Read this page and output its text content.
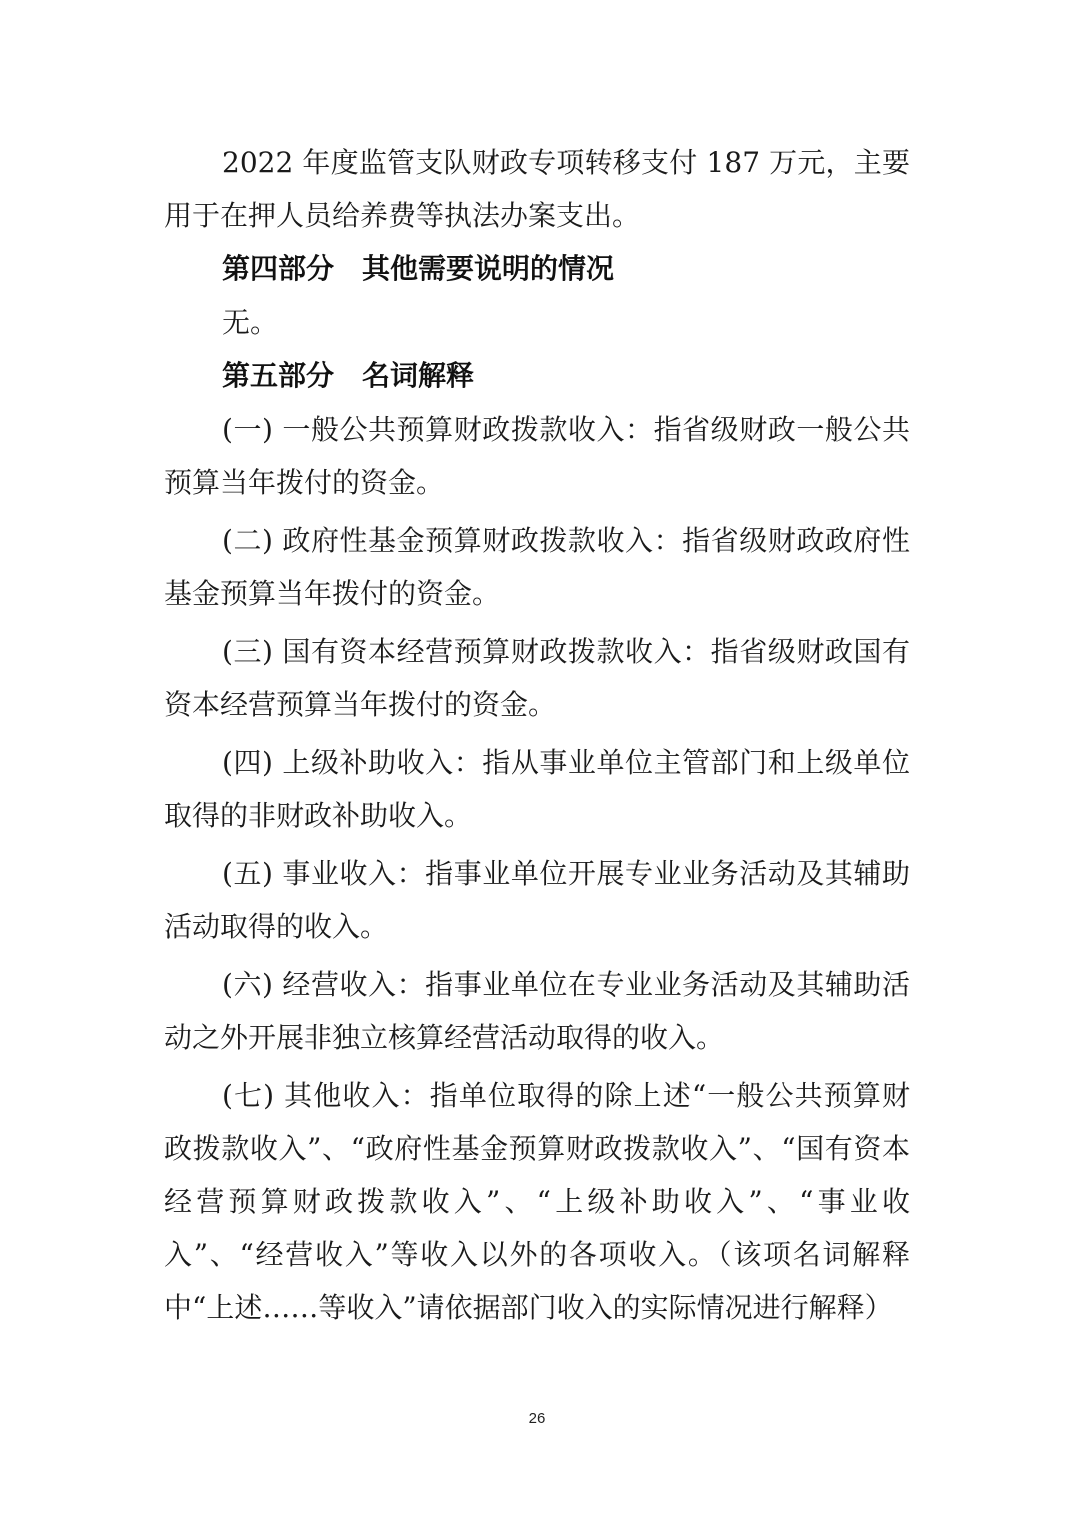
2022 年度监管支队财政专项转移支付 187 万元，主要用于在押人员给养费等执法办案支出。

第四部分　其他需要说明的情况

无。

第五部分　名词解释

(一) 一般公共预算财政拨款收入：指省级财政一般公共预算当年拨付的资金。

(二) 政府性基金预算财政拨款收入：指省级财政政府性基金预算当年拨付的资金。

(三) 国有资本经营预算财政拨款收入：指省级财政国有资本经营预算当年拨付的资金。

(四) 上级补助收入：指从事业单位主管部门和上级单位取得的非财政补助收入。

(五) 事业收入：指事业单位开展专业业务活动及其辅助活动取得的收入。

(六) 经营收入：指事业单位在专业业务活动及其辅助活动之外开展非独立核算经营活动取得的收入。

(七) 其他收入：指单位取得的除上述“一般公共预算财政拨款收入”、“政府性基金预算财政拨款收入”、“国有资本经营预算财政拨款收入”、“上级补助收入”、“事业收入”、“经营收入”等收入以外的各项收入。（该项名词解释中“上述……等收入”请依据部门收入的实际情况进行解释）

26
